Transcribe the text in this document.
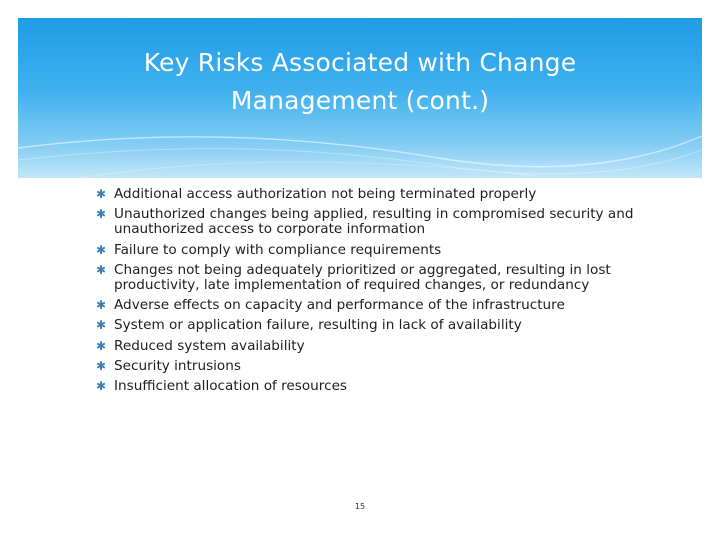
Key Risks Associated with Change
Management (cont.)
✱ Additional access authorization not being terminated properly
✱ Unauthorized changes being applied, resulting in compromised security and unauthorized access to corporate information
✱ Failure to comply with compliance requirements
✱ Changes not being adequately prioritized or aggregated, resulting in lost productivity, late implementation of required changes, or redundancy
✱ Adverse effects on capacity and performance of the infrastructure
✱ System or application failure, resulting in lack of availability
✱ Reduced system availability
✱ Security intrusions
✱ Insufficient allocation of resources
15
